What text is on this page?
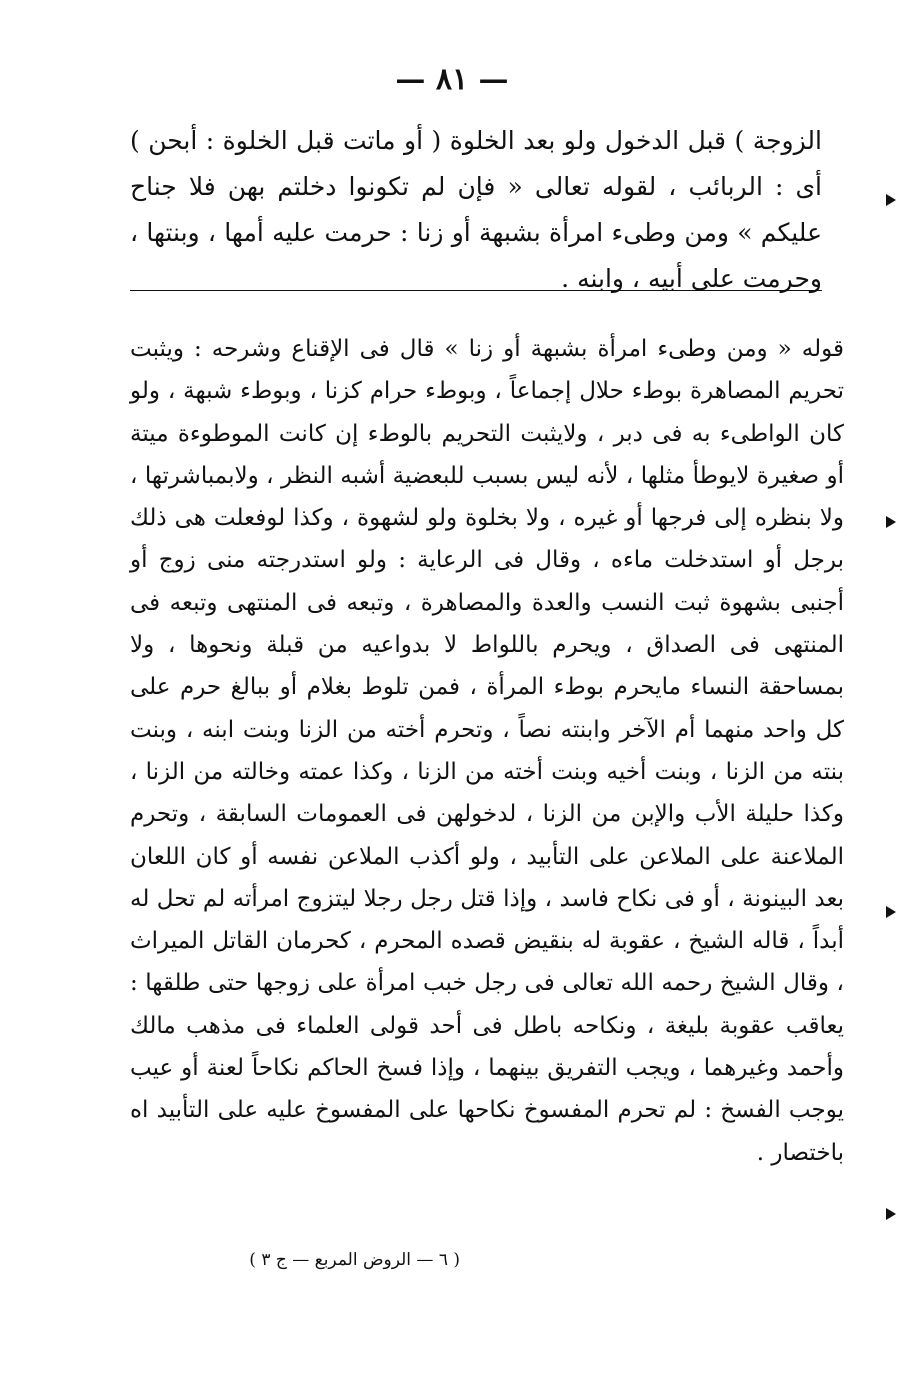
— ٨١ —

الزوجة ) قبل الدخول ولو بعد الخلوة ( أو ماتت قبل الخلوة : أبحن ) أى : الربائب ، لقوله تعالى « فإن لم تكونوا دخلتم بهن فلا جناح عليكم » ومن وطىء امرأة بشبهة أو زنا : حرمت عليه أمها ، وبنتها ، وحرمت على أبيه ، وابنه .

قوله « ومن وطىء امرأة بشبهة أو زنا » قال فى الإقناع وشرحه : ويثبت تحريم المصاهرة بوطء حلال إجماعاً ، وبوطء حرام كزنا ، وبوطء شبهة ، ولو كان الواطىء به فى دبر ، ولايثبت التحريم بالوطء إن كانت الموطوءة ميتة أو صغيرة لايوطأ مثلها ، لأنه ليس بسبب للبعضية أشبه النظر ، ولابمباشرتها ، ولا بنظره إلى فرجها أو غيره ، ولا بخلوة ولو لشهوة ، وكذا لوفعلت هى ذلك برجل أو استدخلت ماءه ، وقال فى الرعاية : ولو استدرجته منى زوج أو أجنبى بشهوة ثبت النسب والعدة والمصاهرة ، وتبعه فى المنتهى وتبعه فى المنتهى فى الصداق ، ويحرم باللواط لا بدواعيه من قبلة ونحوها ، ولا بمساحقة النساء مايحرم بوطء المرأة ، فمن تلوط بغلام أو ببالغ حرم على كل واحد منهما أم الآخر وابنته نصاً ، وتحرم أخته من الزنا وبنت ابنه ، وبنت بنته من الزنا ، وبنت أخيه وبنت أخته من الزنا ، وكذا عمته وخالته من الزنا ، وكذا حليلة الأب والإبن من الزنا ، لدخولهن فى العمومات السابقة ، وتحرم الملاعنة على الملاعن على التأبيد ، ولو أكذب الملاعن نفسه أو كان اللعان بعد البينونة ، أو فى نكاح فاسد ، وإذا قتل رجل رجلا ليتزوج امرأته لم تحل له أبداً ، قاله الشيخ ، عقوبة له بنقيض قصده المحرم ، كحرمان القاتل الميراث ، وقال الشيخ رحمه الله تعالى فى رجل خبب امرأة على زوجها حتى طلقها : يعاقب عقوبة بليغة ، ونكاحه باطل فى أحد قولى العلماء فى مذهب مالك وأحمد وغيرهما ، ويجب التفريق بينهما ، وإذا فسخ الحاكم نكاحاً لعنة أو عيب يوجب الفسخ : لم تحرم المفسوخ نكاحها على المفسوخ عليه على التأبيد اه باختصار .

( ٦ — الروض المربع — ج ٣ )
